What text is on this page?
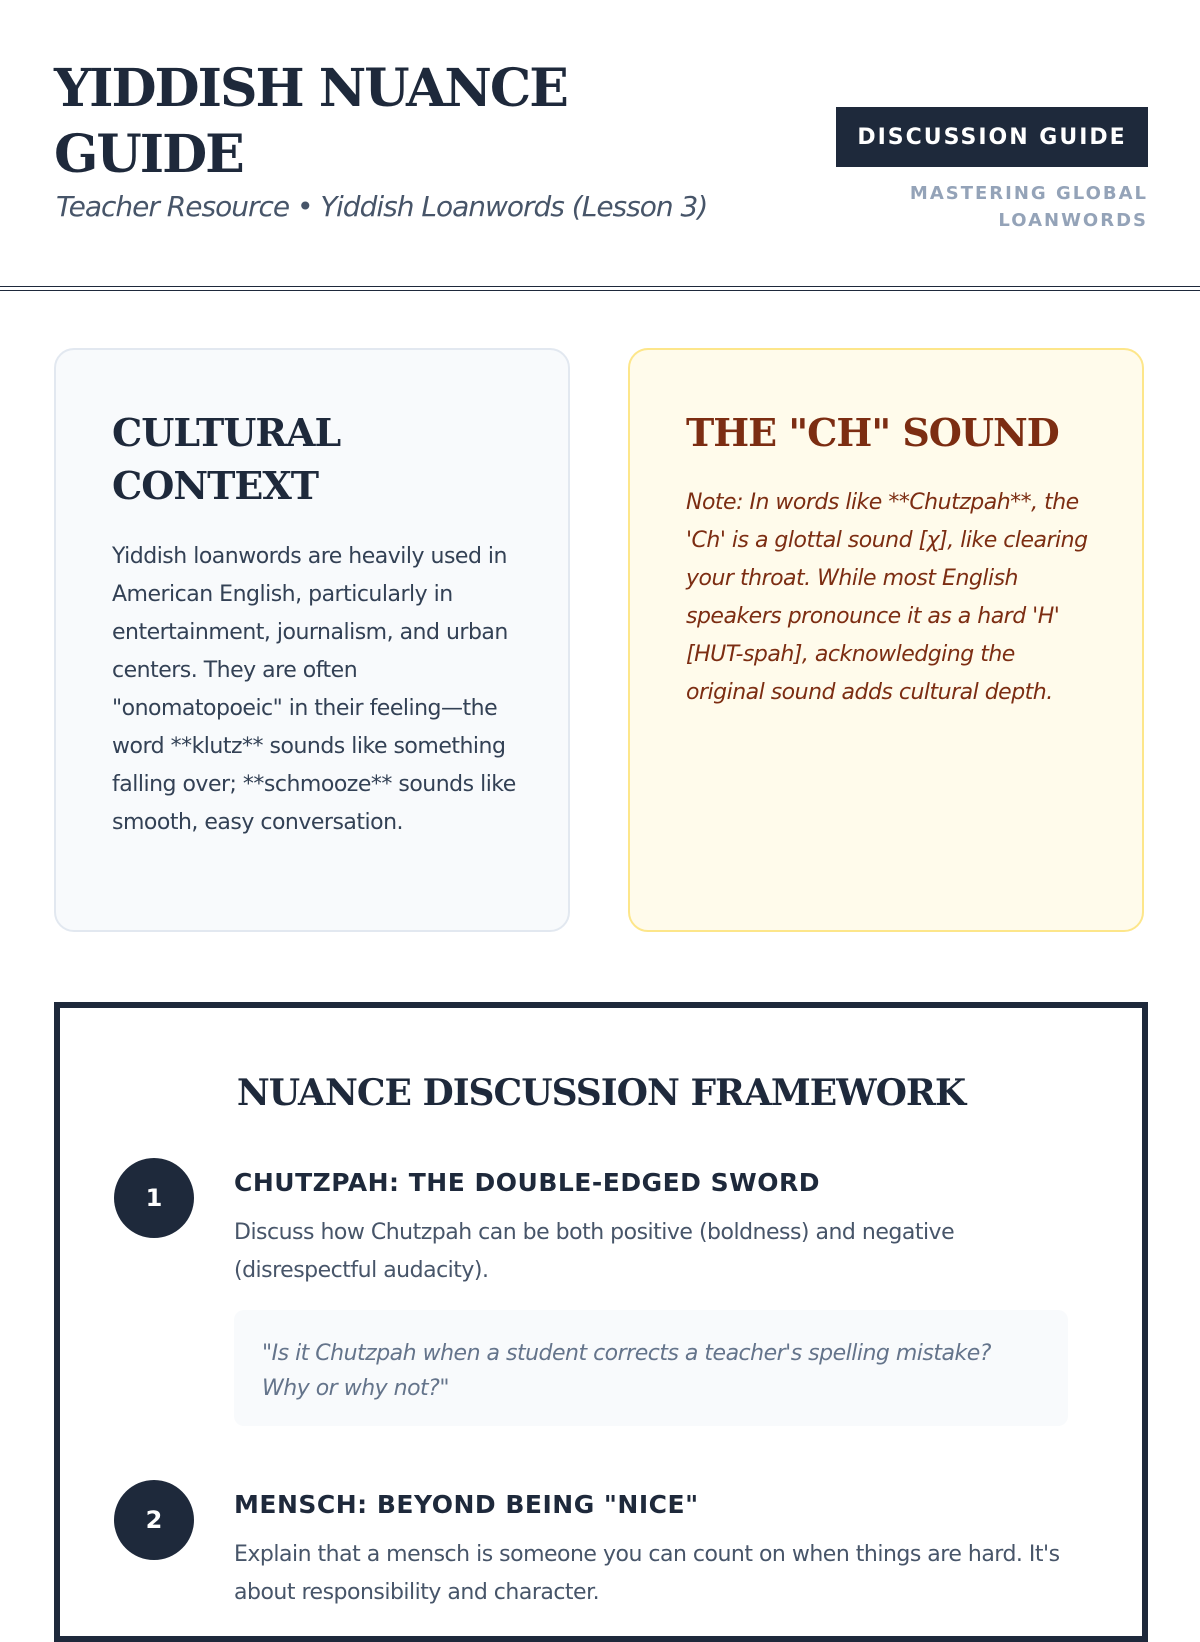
YIDDISH NUANCE GUIDE
Teacher Resource • Yiddish Loanwords (Lesson 3)
DISCUSSION GUIDE
MASTERING GLOBAL LOANWORDS
CULTURAL CONTEXT
Yiddish loanwords are heavily used in American English, particularly in entertainment, journalism, and urban centers. They are often "onomatopoeic" in their feeling—the word **klutz** sounds like something falling over; **schmooze** sounds like smooth, easy conversation.
THE "CH" SOUND
Note: In words like **Chutzpah**, the 'Ch' is a glottal sound [χ], like clearing your throat. While most English speakers pronounce it as a hard 'H' [HUT-spah], acknowledging the original sound adds cultural depth.
NUANCE DISCUSSION FRAMEWORK
1
CHUTZPAH: THE DOUBLE-EDGED SWORD
Discuss how Chutzpah can be both positive (boldness) and negative (disrespectful audacity).
"Is it Chutzpah when a student corrects a teacher's spelling mistake? Why or why not?"
2
MENSCH: BEYOND BEING "NICE"
Explain that a mensch is someone you can count on when things are hard. It's about responsibility and character.
